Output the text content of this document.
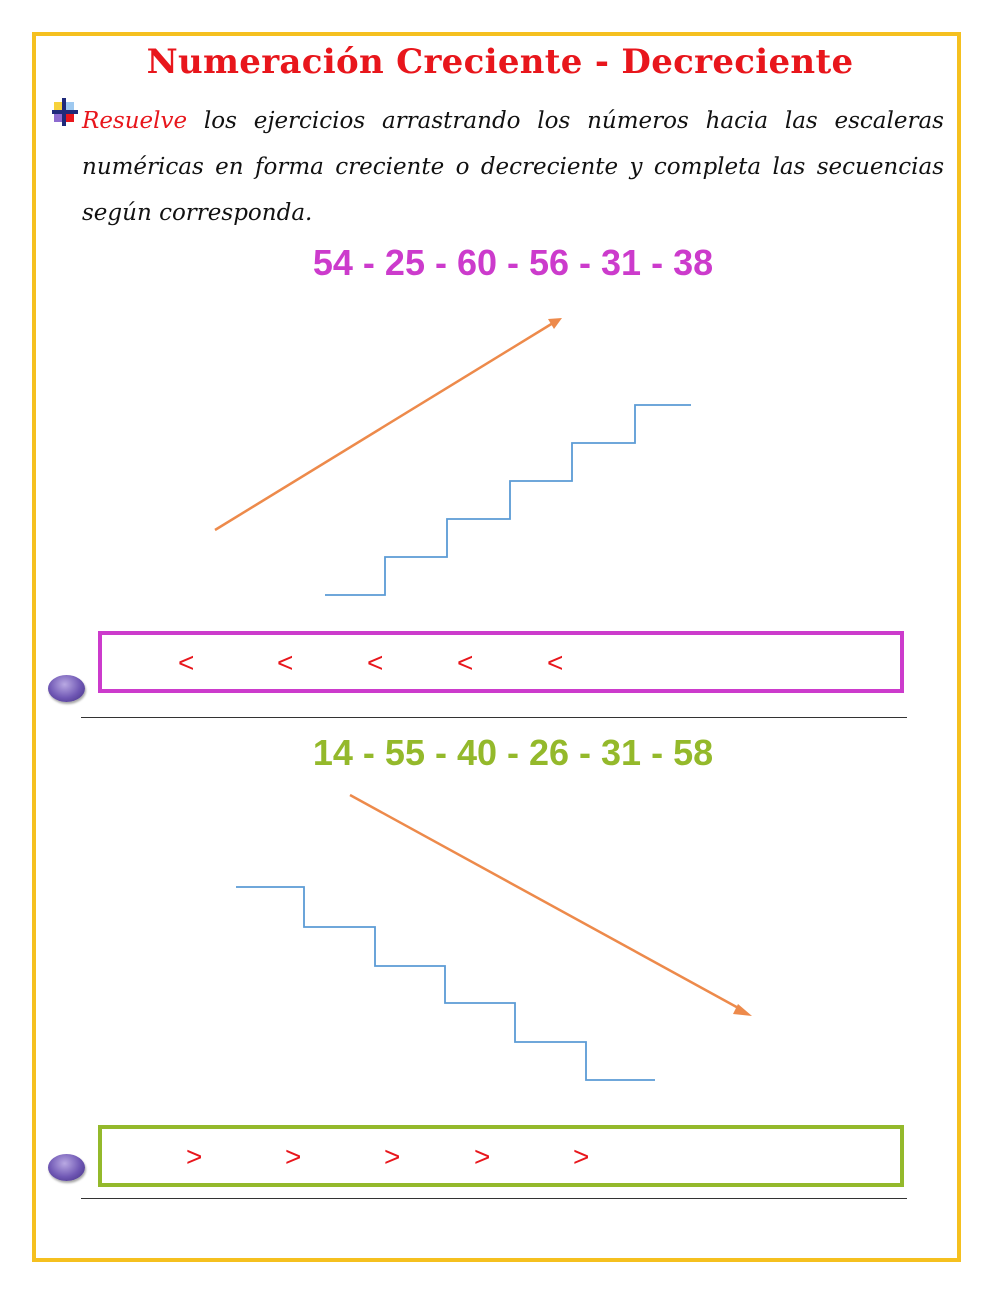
Numeración Creciente - Decreciente
Resuelve los ejercicios arrastrando los números hacia las escaleras numéricas en forma creciente o decreciente y completa las secuencias según corresponda.
54 - 25 - 60 - 56 - 31 - 38
<	<	<	<	<
14 - 55 - 40 - 26 - 31 - 58
>	>	>	>	>
